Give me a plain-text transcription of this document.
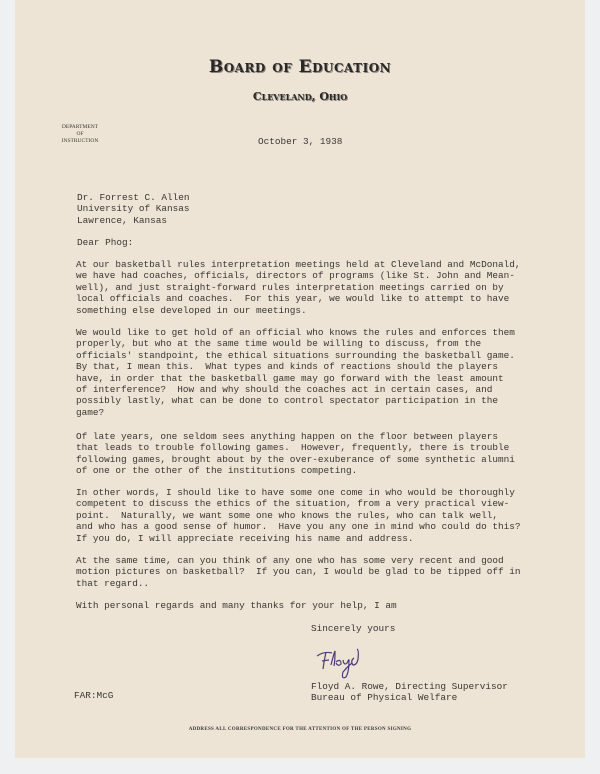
Board of Education
Cleveland, Ohio
DEPARTMENT
OF
INSTRUCTION	October 3, 1938
Dr. Forrest C. Allen
University of Kansas
Lawrence, Kansas
Dear Phog:
At our basketball rules interpretation meetings held at Cleveland and McDonald,
we have had coaches, officials, directors of programs (like St. John and Mean-
well), and just straight-forward rules interpretation meetings carried on by
local officials and coaches.  For this year, we would like to attempt to have
something else developed in our meetings.
We would like to get hold of an official who knows the rules and enforces them
properly, but who at the same time would be willing to discuss, from the
officials' standpoint, the ethical situations surrounding the basketball game.
By that, I mean this.  What types and kinds of reactions should the players
have, in order that the basketball game may go forward with the least amount
of interference?  How and why should the coaches act in certain cases, and
possibly lastly, what can be done to control spectator participation in the
game?
Of late years, one seldom sees anything happen on the floor between players
that leads to trouble following games.  However, frequently, there is trouble
following games, brought about by the over-exuberance of some synthetic alumni
of one or the other of the institutions competing.
In other words, I should like to have some one come in who would be thoroughly
competent to discuss the ethics of the situation, from a very practical view-
point.  Naturally, we want some one who knows the rules, who can talk well,
and who has a good sense of humor.  Have you any one in mind who could do this?
If you do, I will appreciate receiving his name and address.
At the same time, can you think of any one who has some very recent and good
motion pictures on basketball?  If you can, I would be glad to be tipped off in
that regard..
With personal regards and many thanks for your help, I am
Sincerely yours
Floyd A. Rowe, Directing Supervisor
Bureau of Physical Welfare
FAR:McG
ADDRESS ALL CORRESPONDENCE FOR THE ATTENTION OF THE PERSON SIGNING
